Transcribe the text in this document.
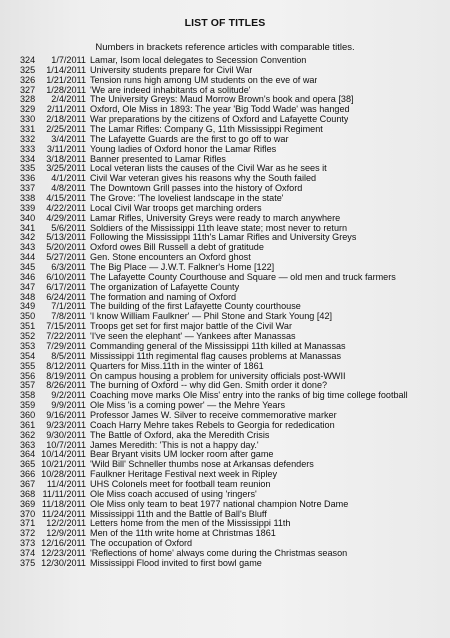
LIST OF TITLES
Numbers in brackets reference articles with comparable titles.
324	1/7/2011 Lamar, Isom local delegates to Secession Convention
325	1/14/2011 University students prepare for Civil War
326	1/21/2011 Tension runs high among UM students on the eve of war
327	1/28/2011 'We are indeed inhabitants of a solitude'
328	2/4/2011 The University Greys: Maud Morrow Brown's book and opera [38]
329	2/11/2011 Oxford, Ole Miss in 1893: The year 'Big Todd Wade' was hanged
330	2/18/2011 War preparations by the citizens of Oxford and Lafayette County
331	2/25/2011 The Lamar Rifles: Company G, 11th Mississippi Regiment
332	3/4/2011 The Lafayette Guards are the first to go off to war
333	3/11/2011 Young ladies of Oxford honor the Lamar Rifles
334	3/18/2011 Banner presented to Lamar Rifles
335	3/25/2011 Local veteran lists the causes of the Civil War as he sees it
336	4/1/2011 Civil War veteran gives his reasons why the South failed
337	4/8/2011 The Downtown Grill passes into the history of Oxford
338	4/15/2011 The Grove: 'The loveliest landscape in the state'
339	4/22/2011 Local Civil War troops get marching orders
340	4/29/2011 Lamar Rifles, University Greys were ready to march anywhere
341	5/6/2011 Soldiers of the Mississippi 11th leave state; most never to return
342	5/13/2011 Following the Mississippi 11th's Lamar Rifles and University Greys
343	5/20/2011 Oxford owes Bill Russell a debt of gratitude
344	5/27/2011 Gen. Stone encounters an Oxford ghost
345	6/3/2011 The Big Place — J.W.T. Falkner's Home [122]
346	6/10/2011 The Lafayette County Courthouse and Square — old men and truck farmers
347	6/17/2011 The organization of Lafayette County
348	6/24/2011 The formation and naming of Oxford
349	7/1/2011 The building of the first Lafayette County courthouse
350	7/8/2011 'I know William Faulkner' — Phil Stone and Stark Young [42]
351	7/15/2011 Troops get set for first major battle of the Civil War
352	7/22/2011 'I've seen the elephant' — Yankees after Manassas
353	7/29/2011 Commanding general of the Mississippi 11th killed at Manassas
354	8/5/2011 Mississippi 11th regimental flag causes problems at Manassas
355	8/12/2011 Quarters for Miss.11th in the winter of 1861
356	8/19/2011 On campus housing a problem for university officials post-WWII
357	8/26/2011 The burning of Oxford -- why did Gen. Smith order it done?
358	9/2/2011 Coaching move marks Ole Miss' entry into the ranks of big time college football
359	9/9/2011 Ole Miss 'is a coming power' — the Mehre Years
360	9/16/2011 Professor James W. Silver to receive commemorative marker
361	9/23/2011 Coach Harry Mehre takes Rebels to Georgia for rededication
362	9/30/2011 The Battle of Oxford, aka the Meredith Crisis
363	10/7/2011 James Meredith: 'This is not a happy day.'
364 10/14/2011 Bear Bryant visits UM locker room after game
365 10/21/2011 'Wild Bill' Schneller thumbs nose at Arkansas defenders
366 10/28/2011 Faulkner Heritage Festival next week in Ripley
367	11/4/2011 UHS Colonels meet for football team reunion
368 11/11/2011 Ole Miss coach accused of using 'ringers'
369 11/18/2011 Ole Miss only team to beat 1977 national champion Notre Dame
370 11/24/2011 Mississippi 11th and the Battle of Ball's Bluff
371	12/2/2011 Letters home from the men of the Mississippi 11th
372	12/9/2011 Men of the 11th write home at Christmas 1861
373 12/16/2011 The occupation of Oxford
374 12/23/2011 'Reflections of home' always come during the Christmas season
375 12/30/2011 Mississippi Flood invited to first bowl game
